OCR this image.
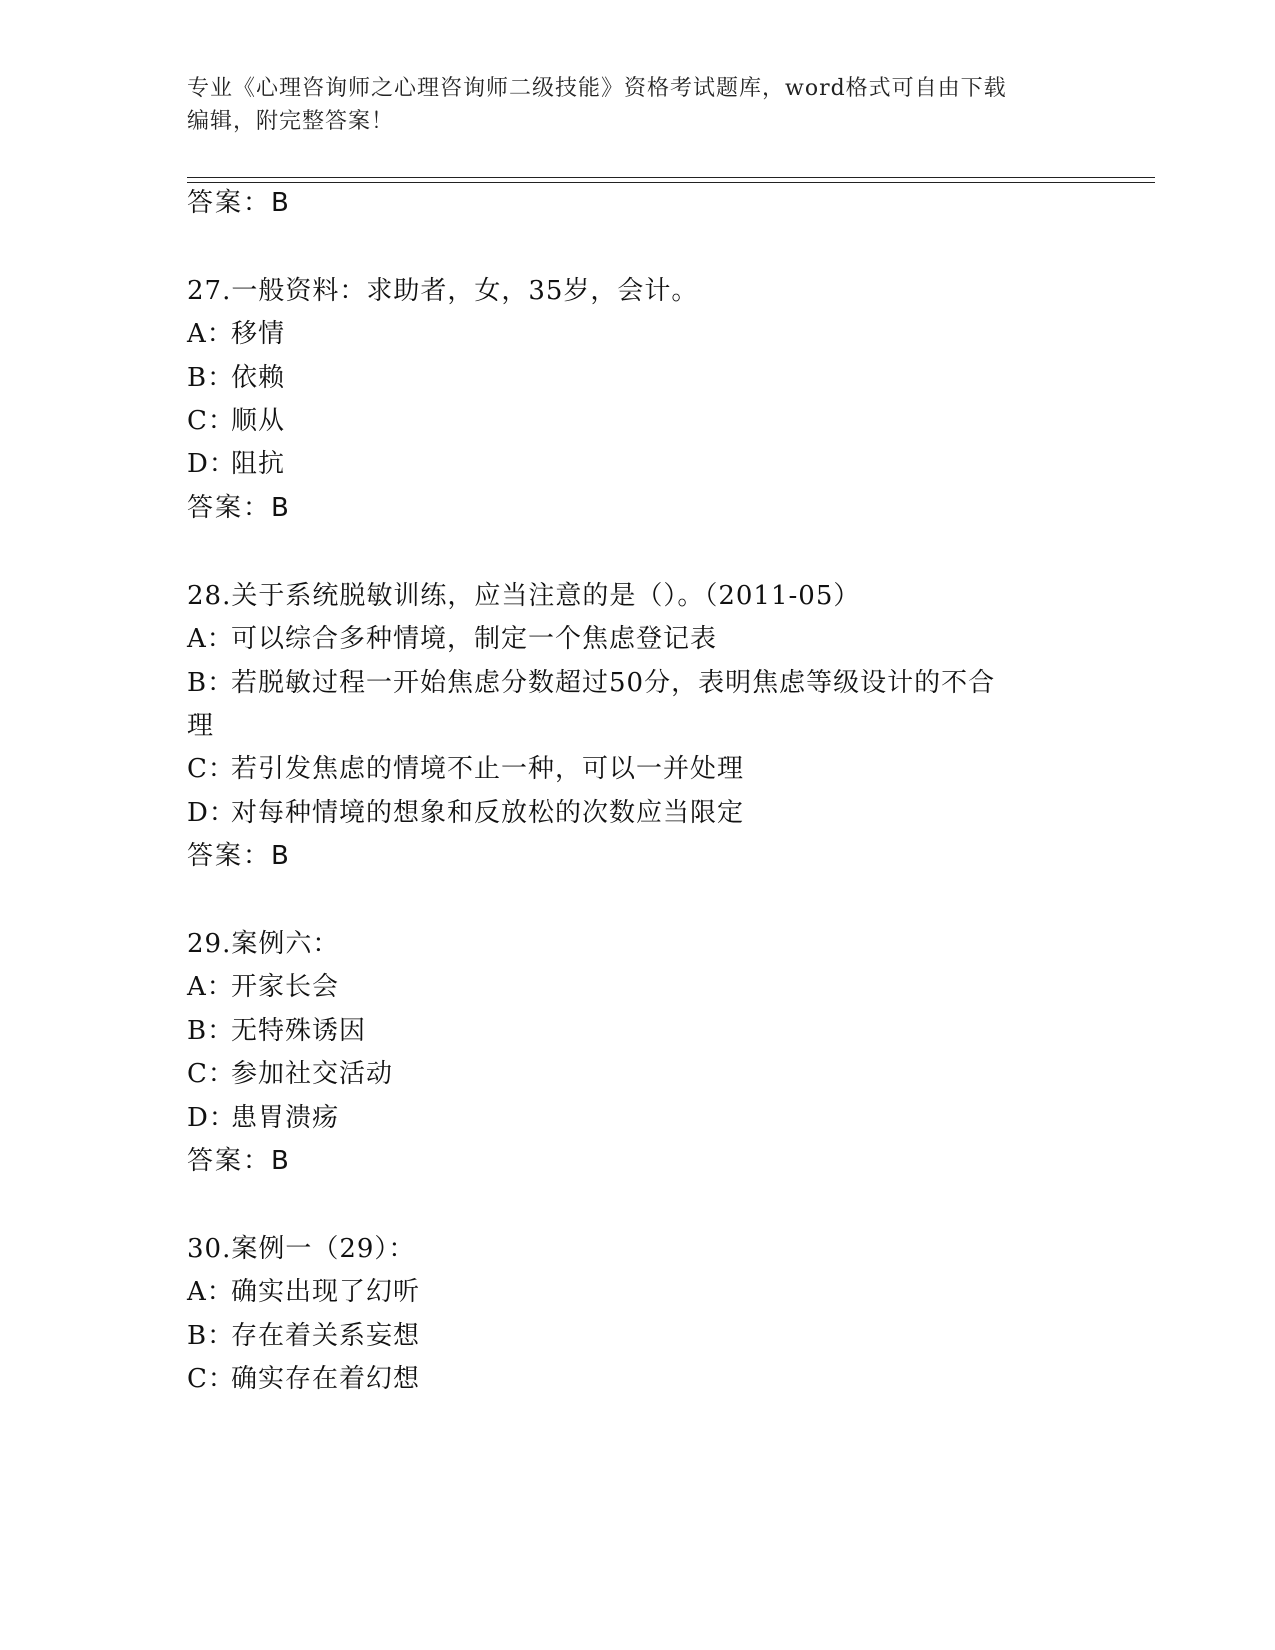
专业《心理咨询师之心理咨询师二级技能》资格考试题库，word格式可自由下载
编辑，附完整答案！
答案：B
27.一般资料：求助者，女，35岁，会计。
A：移情
B：依赖
C：顺从
D：阻抗
答案：B
28.关于系统脱敏训练，应当注意的是（）。（2011-05）
A：可以综合多种情境，制定一个焦虑登记表
B：若脱敏过程一开始焦虑分数超过50分，表明焦虑等级设计的不合
理
C：若引发焦虑的情境不止一种，可以一并处理
D：对每种情境的想象和反放松的次数应当限定
答案：B
29.案例六：
A：开家长会
B：无特殊诱因
C：参加社交活动
D：患胃溃疡
答案：B
30.案例一（29）：
A：确实出现了幻听
B：存在着关系妄想
C：确实存在着幻想
